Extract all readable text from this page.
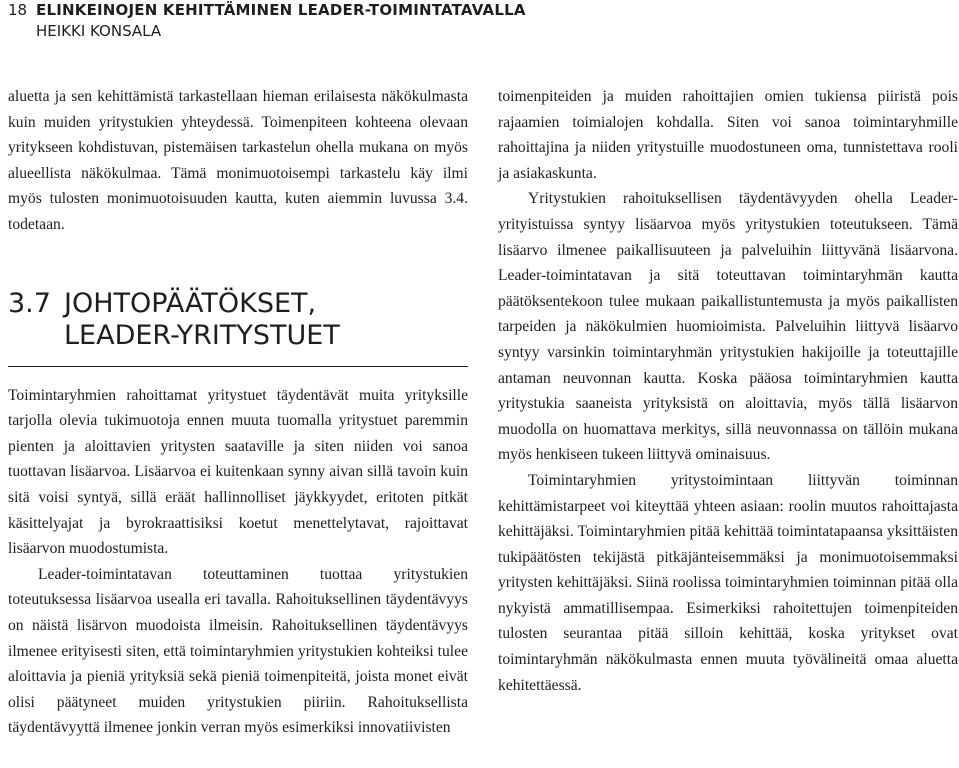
18 ELINKEINOJEN KEHITTÄMINEN LEADER-TOIMINTATAVALLA
HEIKKI KONSALA

aluetta ja sen kehittämistä tarkastellaan hieman erilaisesta näkökulmasta kuin muiden yritystukien yhteydessä. Toimenpiteen kohteena olevaan yritykseen kohdistuvan, pistemäisen tarkastelun ohella mukana on myös alueellista näkökulmaa. Tämä monimuotoisempi tarkastelu käy ilmi myös tulosten monimuotoisuuden kautta, kuten aiemmin luvussa 3.4. todetaan.

3.7 JOHTOPÄÄTÖKSET,
LEADER-YRITYSTUET

Toimintaryhmien rahoittamat yritystuet täydentävät muita yrityksille tarjolla olevia tukimuotoja ennen muuta tuomalla yritystuet paremmin pienten ja aloittavien yritysten saataville ja siten niiden voi sanoa tuottavan lisäarvoa. Lisäarvoa ei kuitenkaan synny aivan sillä tavoin kuin sitä voisi syntyä, sillä eräät hallinnolliset jäykkyydet, eritoten pitkät käsittelyajat ja byrokraattisiksi koetut menettelytavat, rajoittavat lisäarvon muodostumista.

Leader-toimintatavan toteuttaminen tuottaa yritystukien toteutuksessa lisäarvoa usealla eri tavalla. Rahoituksellinen täydentävyys on näistä lisärvon muodoista ilmeisin. Rahoituksellinen täydentävyys ilmenee erityisesti siten, että toimintaryhmien yritystukien kohteiksi tulee aloittavia ja pieniä yrityksiä sekä pieniä toimenpiteitä, joista monet eivät olisi päätyneet muiden yritystukien piiriin. Rahoituksellista täydentävyyttä ilmenee jonkin verran myös esimerkiksi innovatiivisten

toimenpiteiden ja muiden rahoittajien omien tukiensa piiristä pois rajaamien toimialojen kohdalla. Siten voi sanoa toimintaryhmille rahoittajina ja niiden yritystuille muodostuneen oma, tunnistettava rooli ja asiakaskunta.

Yritystukien rahoituksellisen täydentävyyden ohella Leader-yrityistuissa syntyy lisäarvoa myös yritystukien toteutukseen. Tämä lisäarvo ilmenee paikallisuuteen ja palveluihin liittyvänä lisäarvona. Leader-toimintatavan ja sitä toteuttavan toimintaryhmän kautta päätöksentekoon tulee mukaan paikallistuntemusta ja myös paikallisten tarpeiden ja näkökulmien huomioimista. Palveluihin liittyvä lisäarvo syntyy varsinkin toimintaryhmän yritystukien hakijoille ja toteuttajille antaman neuvonnan kautta. Koska pääosa toimintaryhmien kautta yritystukia saaneista yrityksistä on aloittavia, myös tällä lisäarvon muodolla on huomattava merkitys, sillä neuvonnassa on tällöin mukana myös henkiseen tukeen liittyvä ominaisuus.

Toimintaryhmien yritystoimintaan liittyvän toiminnan kehittämistarpeet voi kiteyttää yhteen asiaan: roolin muutos rahoittajasta kehittäjäksi. Toimintaryhmien pitää kehittää toimintatapaansa yksittäisten tukipäätösten tekijästä pitkäjänteisemmäksi ja monimuotoisemmaksi yritysten kehittäjäksi. Siinä roolissa toimintaryhmien toiminnan pitää olla nykyistä ammatillisempaa. Esimerkiksi rahoitettujen toimenpiteiden tulosten seurantaa pitää silloin kehittää, koska yritykset ovat toimintaryhmän näkökulmasta ennen muuta työvälineitä omaa aluetta kehitettäessä.
